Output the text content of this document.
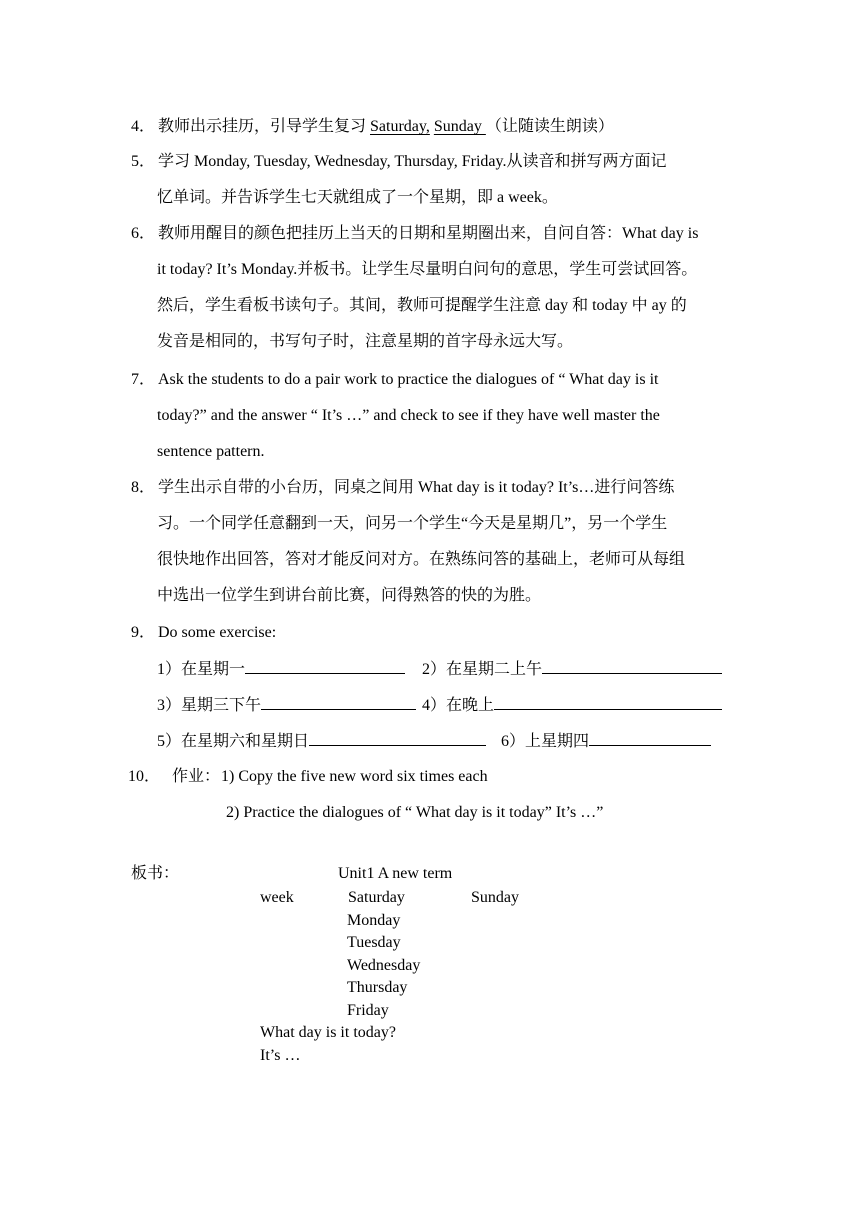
4． 教师出示挂历，引导学生复习 Saturday, Sunday （让随读生朗读）
5． 学习 Monday, Tuesday, Wednesday, Thursday, Friday.从读音和拼写两方面记
忆单词。并告诉学生七天就组成了一个星期，即 a week。
6． 教师用醒目的颜色把挂历上当天的日期和星期圈出来，自问自答：What day is
it today? It’s Monday.并板书。让学生尽量明白问句的意思，学生可尝试回答。
然后，学生看板书读句子。其间，教师可提醒学生注意 day 和 today 中 ay 的
发音是相同的，书写句子时，注意星期的首字母永远大写。
7． Ask the students to do a pair work to practice the dialogues of “ What day is it
today?” and the answer “ It’s …” and check to see if they have well master the
sentence pattern.
8． 学生出示自带的小台历，同桌之间用 What day is it today? It’s…进行问答练
习。一个同学任意翻到一天，问另一个学生“今天是星期几”，另一个学生
很快地作出回答，答对才能反问对方。在熟练问答的基础上，老师可从每组
中选出一位学生到讲台前比赛，问得熟答的快的为胜。
9． Do some exercise:
1）在星期一	2）在星期二上午
3）星期三下午	4）在晚上
5）在星期六和星期日	6）上星期四
10． 作业： 1) Copy the five new word six times each
2) Practice the dialogues of “ What day is it today” It’s …”
板书：	Unit1 A new term
week	Saturday	Sunday
Monday
Tuesday
Wednesday
Thursday
Friday
What day is it today?
It’s …
